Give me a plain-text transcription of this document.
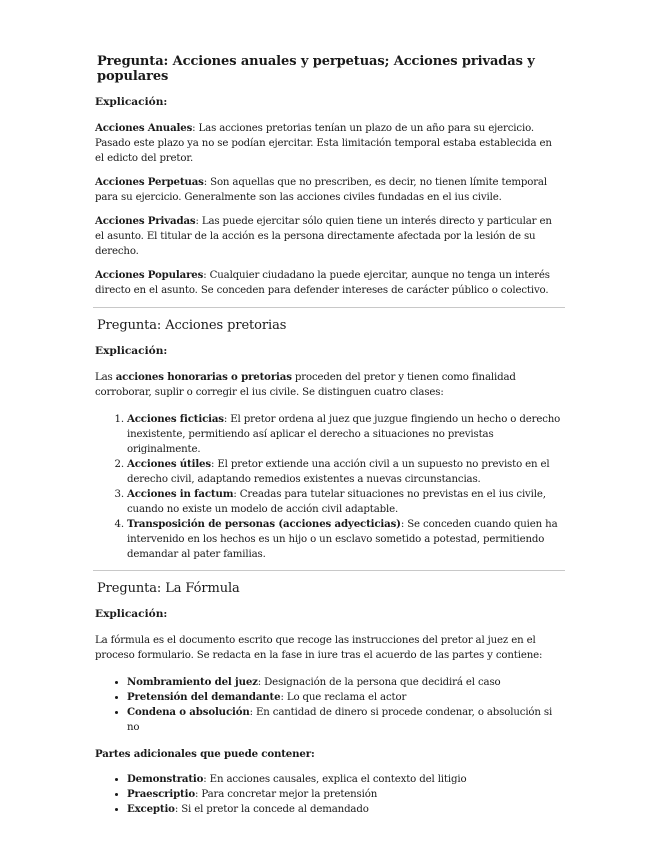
Pregunta: Acciones anuales y perpetuas; Acciones privadas y populares
Explicación:

Acciones Anuales: Las acciones pretorias tenían un plazo de un año para su ejercicio. Pasado este plazo ya no se podían ejercitar. Esta limitación temporal estaba establecida en el edicto del pretor.

Acciones Perpetuas: Son aquellas que no prescriben, es decir, no tienen límite temporal para su ejercicio. Generalmente son las acciones civiles fundadas en el ius civile.

Acciones Privadas: Las puede ejercitar sólo quien tiene un interés directo y particular en el asunto. El titular de la acción es la persona directamente afectada por la lesión de su derecho.

Acciones Populares: Cualquier ciudadano la puede ejercitar, aunque no tenga un interés directo en el asunto. Se conceden para defender intereses de carácter público o colectivo.

Pregunta: Acciones pretorias
Explicación:

Las acciones honorarias o pretorias proceden del pretor y tienen como finalidad corroborar, suplir o corregir el ius civile. Se distinguen cuatro clases:

1. Acciones ficticias: El pretor ordena al juez que juzgue fingiendo un hecho o derecho inexistente, permitiendo así aplicar el derecho a situaciones no previstas originalmente.
2. Acciones útiles: El pretor extiende una acción civil a un supuesto no previsto en el derecho civil, adaptando remedios existentes a nuevas circunstancias.
3. Acciones in factum: Creadas para tutelar situaciones no previstas en el ius civile, cuando no existe un modelo de acción civil adaptable.
4. Transposición de personas (acciones adyecticias): Se conceden cuando quien ha intervenido en los hechos es un hijo o un esclavo sometido a potestad, permitiendo demandar al pater familias.
Pregunta: La Fórmula
Explicación:

La fórmula es el documento escrito que recoge las instrucciones del pretor al juez en el proceso formulario. Se redacta en la fase in iure tras el acuerdo de las partes y contiene:

• Nombramiento del juez: Designación de la persona que decidirá el caso
• Pretensión del demandante: Lo que reclama el actor
• Condena o absolución: En cantidad de dinero si procede condenar, o absolución si no

Partes adicionales que puede contener:

• Demonstratio: En acciones causales, explica el contexto del litigio
• Praescriptio: Para concretar mejor la pretensión
• Exceptio: Si el pretor la concede al demandado
